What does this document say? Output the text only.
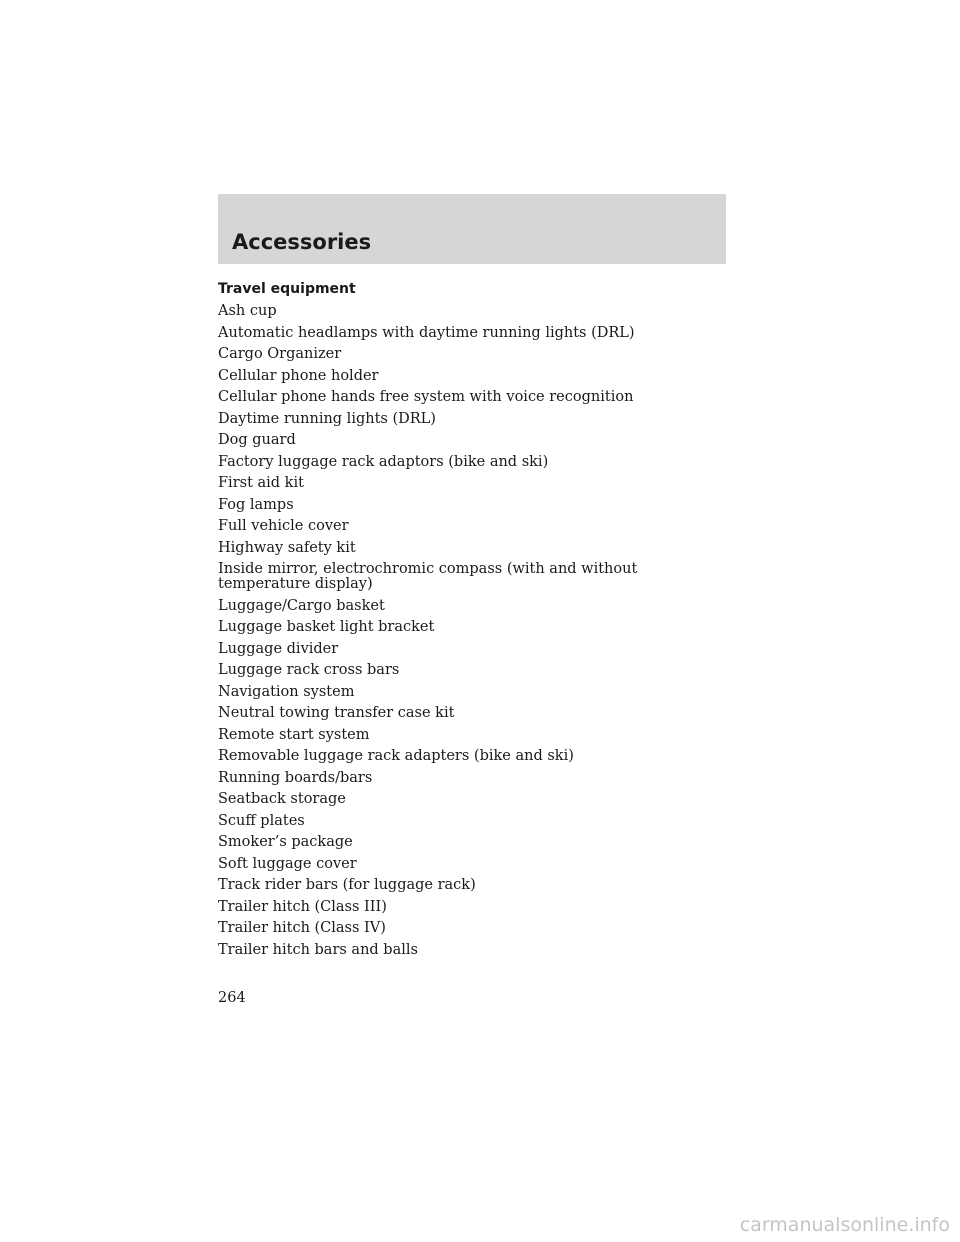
Accessories
Travel equipment
Ash cup
Automatic headlamps with daytime running lights (DRL)
Cargo Organizer
Cellular phone holder
Cellular phone hands free system with voice recognition
Daytime running lights (DRL)
Dog guard
Factory luggage rack adaptors (bike and ski)
First aid kit
Fog lamps
Full vehicle cover
Highway safety kit
Inside mirror, electrochromic compass (with and without temperature display)
Luggage/Cargo basket
Luggage basket light bracket
Luggage divider
Luggage rack cross bars
Navigation system
Neutral towing transfer case kit
Remote start system
Removable luggage rack adapters (bike and ski)
Running boards/bars
Seatback storage
Scuff plates
Smoker’s package
Soft luggage cover
Track rider bars (for luggage rack)
Trailer hitch (Class III)
Trailer hitch (Class IV)
Trailer hitch bars and balls
264
carmanualsonline.info
